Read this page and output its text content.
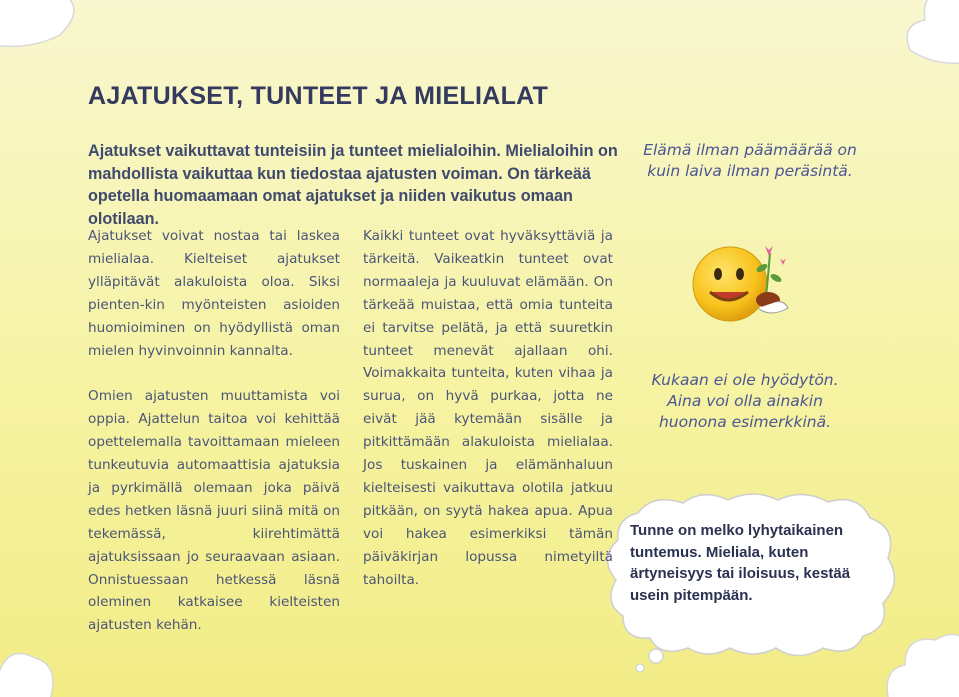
AJATUKSET, TUNTEET JA MIELIALAT

Ajatukset vaikuttavat tunteisiin ja tunteet mielialoihin. Mielialoihin on mahdollista vaikuttaa kun tiedostaa ajatusten voiman. On tärkeää opetella huomaamaan omat ajatukset ja niiden vaikutus omaan olotilaan.

Ajatukset voivat nostaa tai laskea mielialaa. Kielteiset ajatukset ylläpitävät alakuloista oloa. Siksi pienten-kin myönteisten asioiden huomioiminen on hyödyllistä oman mielen hyvinvoinnin kannalta.

Omien ajatusten muuttamista voi oppia. Ajattelun taitoa voi kehittää opettelemalla tavoittamaan mieleen tunkeutuvia automaattisia ajatuksia ja pyrkimällä olemaan joka päivä edes hetken läsnä juuri siinä mitä on tekemässä, kiirehtimättä ajatuksissaan jo seuraavaan asiaan. Onnistuessaan hetkessä läsnä oleminen katkaisee kielteisten ajatusten kehän.

Kaikki tunteet ovat hyväksyttäviä ja tärkeitä. Vaikeatkin tunteet ovat normaaleja ja kuuluvat elämään. On tärkeää muistaa, että omia tunteita ei tarvitse pelätä, ja että suuretkin tunteet menevät ajallaan ohi. Voimakkaita tunteita, kuten vihaa ja surua, on hyvä purkaa, jotta ne eivät jää kytemään sisälle ja pitkittämään alakuloista mielialaa. Jos tuskainen ja elämänhaluun kielteisesti vaikuttava olotila jatkuu pitkään, on syytä hakea apua. Apua voi hakea esimerkiksi tämän päiväkirjan lopussa nimetyiltä tahoilta.

Elämä ilman päämäärää on kuin laiva ilman peräsintä.

Kukaan ei ole hyödytön. Aina voi olla ainakin huonona esimerkkinä.

Tunne on melko lyhytaikainen tuntemus. Mieliala, kuten ärtyneisyys tai iloisuus, kestää usein pitempään.
